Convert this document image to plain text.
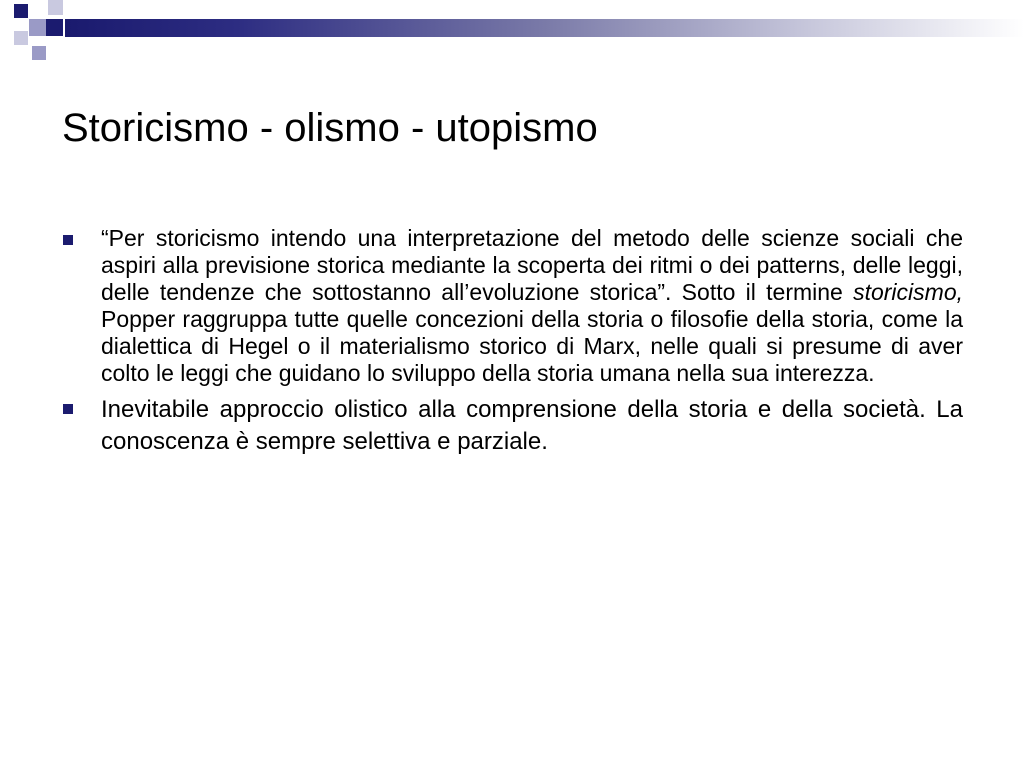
Storicismo - olismo - utopismo
“Per storicismo intendo una interpretazione del metodo delle scienze sociali che aspiri alla previsione storica mediante la scoperta dei ritmi o dei patterns, delle leggi, delle tendenze che sottostanno all’evoluzione storica”. Sotto il termine storicismo, Popper raggruppa tutte quelle concezioni della storia o filosofie della storia, come la dialettica di Hegel o il materialismo storico di Marx, nelle quali si presume di aver colto le leggi che guidano lo sviluppo della storia umana nella sua interezza.
Inevitabile approccio olistico alla comprensione della storia e della società. La conoscenza è sempre selettiva e parziale.
